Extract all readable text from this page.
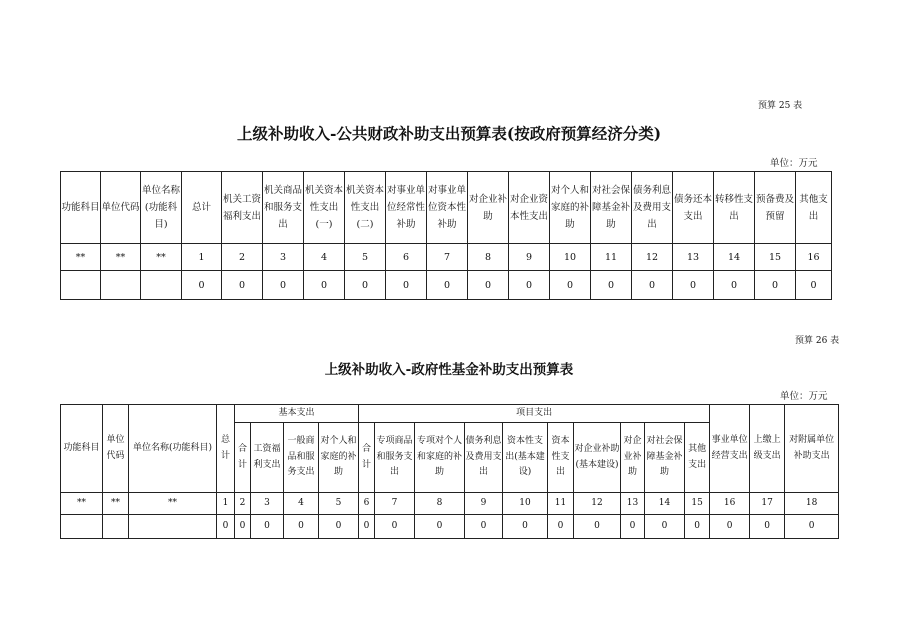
预算 25 表
上级补助收入-公共财政补助支出预算表(按政府预算经济分类)
单位：万元
功能科目	单位代码	单位名称(功能科目)	总计	机关工资福利支出	机关商品和服务支出	机关资本性支出(一)	机关资本性支出(二)	对事业单位经常性补助	对事业单位资本性补助	对企业补助	对企业资本性支出	对个人和家庭的补助	对社会保障基金补助	债务利息及费用支出	债务还本支出	转移性支出	预备费及预留	其他支出
**	**	**	1	2	3	4	5	6	7	8	9	10	11	12	13	14	15	16
			0	0	0	0	0	0	0	0	0	0	0	0	0	0	0	0
预算 26 表
上级补助收入-政府性基金补助支出预算表
单位：万元
功能科目	单位代码	单位名称(功能科目)	总计	基本支出				项目支出										事业单位经营支出	上缴上级支出	对附属单位补助支出
				合计	工资福利支出	一般商品和服务支出	对个人和家庭的补助	合计	专项商品和服务支出	专项对个人和家庭的补助	债务利息及费用支出	资本性支出(基本建设)	资本性支出	对企业补助(基本建设)	对企业补助	对社会保障基金补助	其他支出			
**	**	**	1	2	3	4	5	6	7	8	9	10	11	12	13	14	15	16	17	18
			0	0	0	0	0	0	0	0	0	0	0	0	0	0	0	0	0	0
